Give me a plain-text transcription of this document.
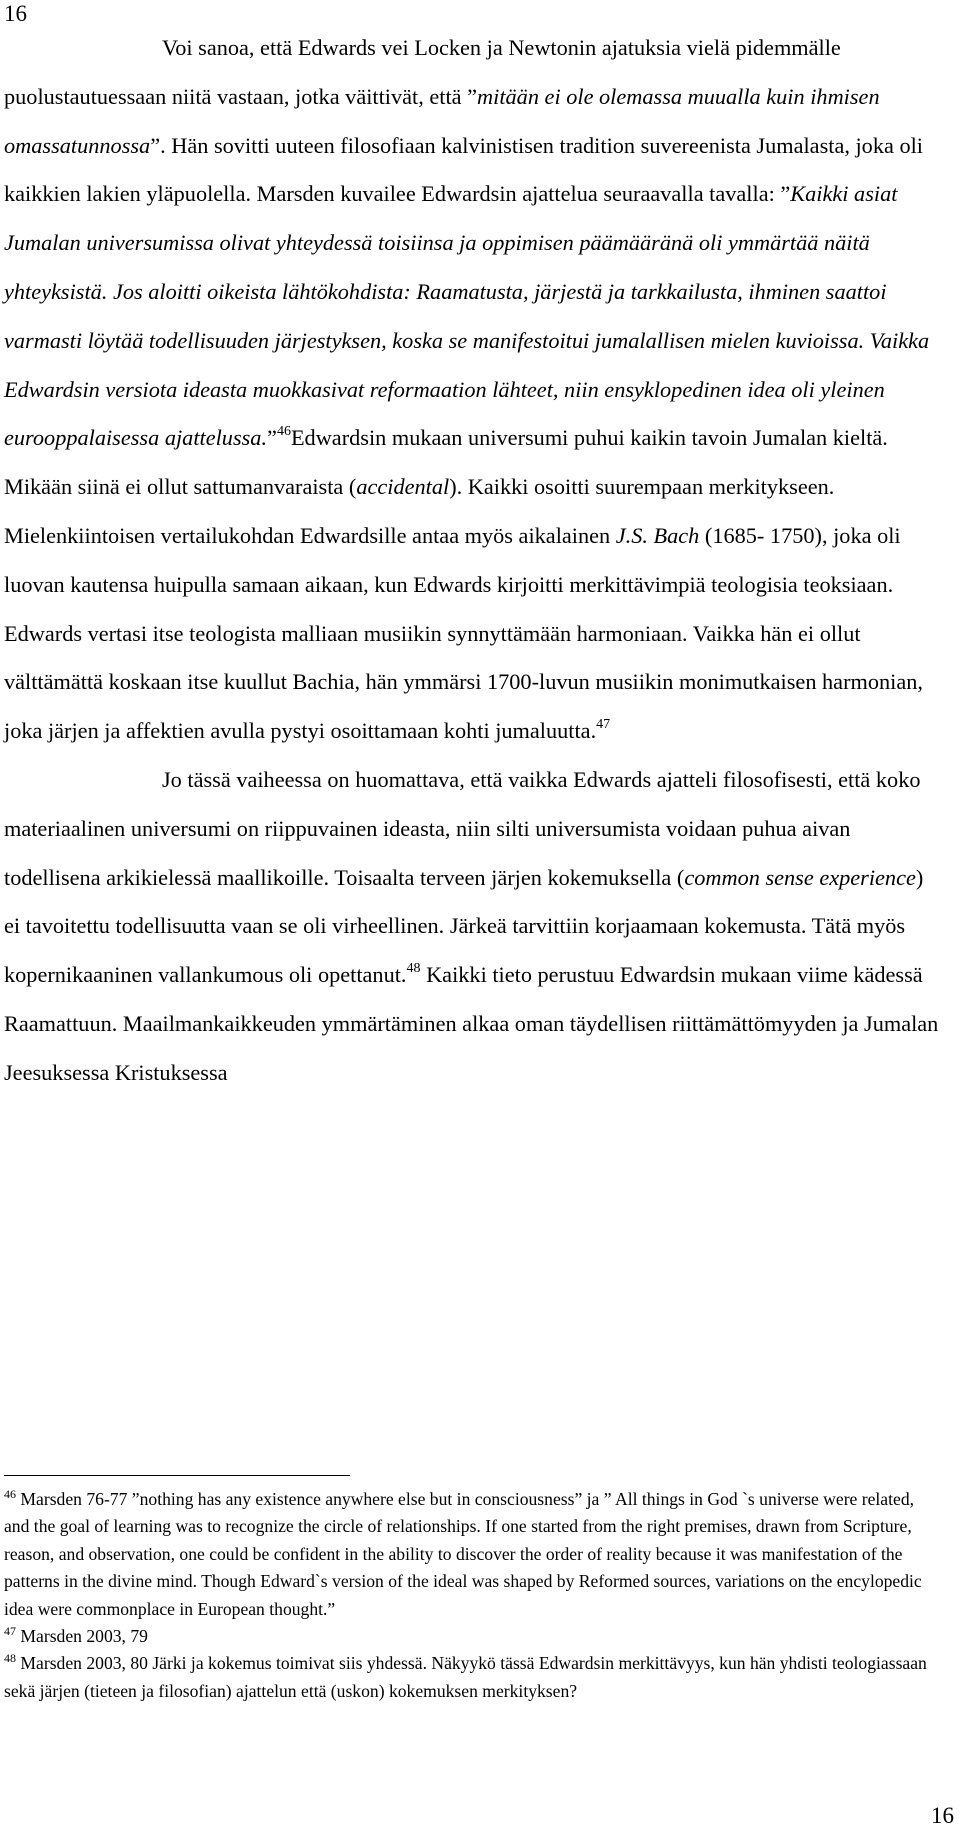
16

Voi sanoa, että Edwards vei Locken ja Newtonin ajatuksia vielä pidemmälle puolustautuessaan niitä vastaan, jotka väittivät, että ”mitään ei ole olemassa muualla kuin ihmisen omassatunnossa”. Hän sovitti uuteen filosofiaan kalvinistisen tradition suvereenista Jumalasta, joka oli kaikkien lakien yläpuolella. Marsden kuvailee Edwardsin ajattelua seuraavalla tavalla: ”Kaikki asiat Jumalan universumissa olivat yhteydessä toisiinsa ja oppimisen päämääränä oli ymmärtää näitä yhteyksistä. Jos aloitti oikeista lähtökohdista: Raamatusta, järjestä ja tarkkailusta, ihminen saattoi varmasti löytää todellisuuden järjestyksen, koska se manifestoitui jumalallisen mielen kuvioissa. Vaikka Edwardsin versiota ideasta muokkasivat reformaation lähteet, niin ensyklopedinen idea oli yleinen eurooppalaisessa ajattelussa.”$^{46}$Edwardsin mukaan universumi puhui kaikin tavoin Jumalan kieltä. Mikään siinä ei ollut sattumanvaraista (accidental). Kaikki osoitti suurempaan merkitykseen. Mielenkiintoisen vertailukohdan Edwardsille antaa myös aikalainen J.S. Bach (1685- 1750), joka oli luovan kautensa huipulla samaan aikaan, kun Edwards kirjoitti merkittävimpiä teologisia teoksiaan. Edwards vertasi itse teologista malliaan musiikin synnyttämään harmoniaan. Vaikka hän ei ollut välttämättä koskaan itse kuullut Bachia, hän ymmärsi 1700-luvun musiikin monimutkaisen harmonian, joka järjen ja affektien avulla pystyi osoittamaan kohti jumaluutta.$^{47}$

Jo tässä vaiheessa on huomattava, että vaikka Edwards ajatteli filosofisesti, että koko materiaalinen universumi on riippuvainen ideasta, niin silti universumista voidaan puhua aivan todellisena arkikielessä maallikoille. Toisaalta terveen järjen kokemuksella (common sense experience) ei tavoitettu todellisuutta vaan se oli virheellinen. Järkeä tarvittiin korjaamaan kokemusta. Tätä myös kopernikaaninen vallankumous oli opettanut.$^{48}$ Kaikki tieto perustuu Edwardsin mukaan viime kädessä Raamattuun. Maailmankaikkeuden ymmärtäminen alkaa oman täydellisen riittämättömyyden ja Jumalan Jeesuksessa Kristuksessa

$^{46}$ Marsden 76-77 ”nothing has any existence anywhere else but in consciousness” ja ” All things in God `s universe were related, and the goal of learning was to recognize the circle of relationships. If one started from the right premises, drawn from Scripture, reason, and observation, one could be confident in the ability to discover the order of reality because it was manifestation of the patterns in the divine mind. Though Edward`s version of the ideal was shaped by Reformed sources, variations on the encylopedic idea were commonplace in European thought.”

$^{47}$ Marsden 2003, 79

$^{48}$ Marsden 2003, 80 Järki ja kokemus toimivat siis yhdessä. Näkyykö tässä Edwardsin merkittävyys, kun hän yhdisti teologiassaan sekä järjen (tieteen ja filosofian) ajattelun että (uskon) kokemuksen merkityksen?

16
